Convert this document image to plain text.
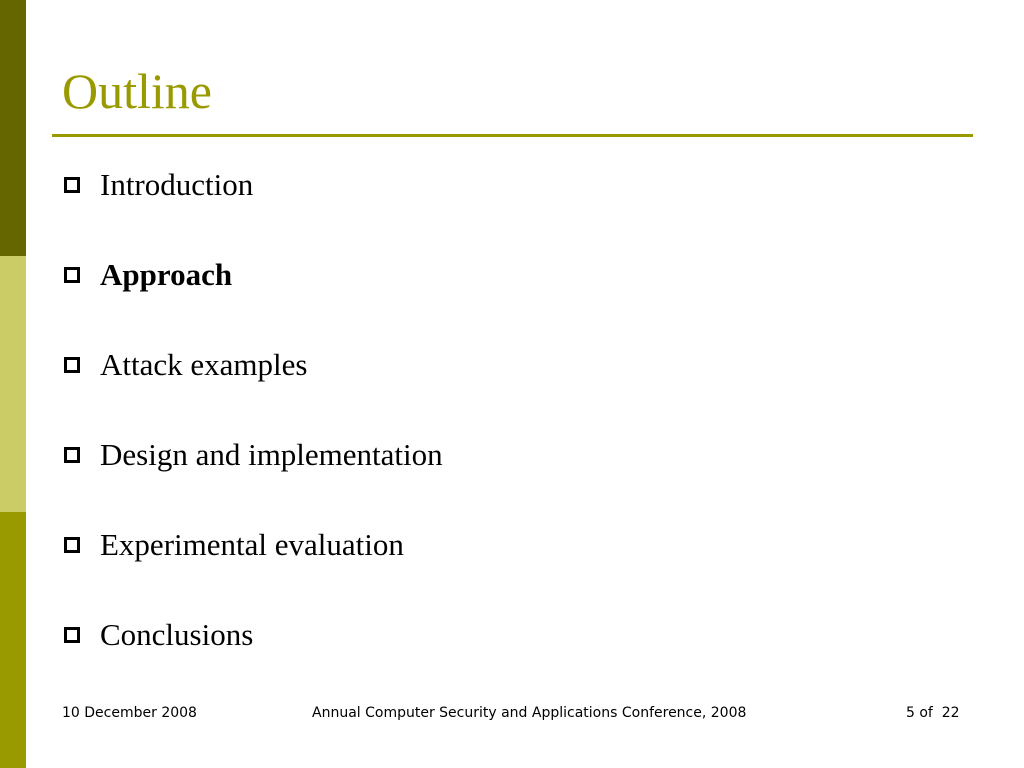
Outline
Introduction
Approach
Attack examples
Design and implementation
Experimental evaluation
Conclusions
10 December 2008	Annual Computer Security and Applications Conference, 2008	5 of  22
